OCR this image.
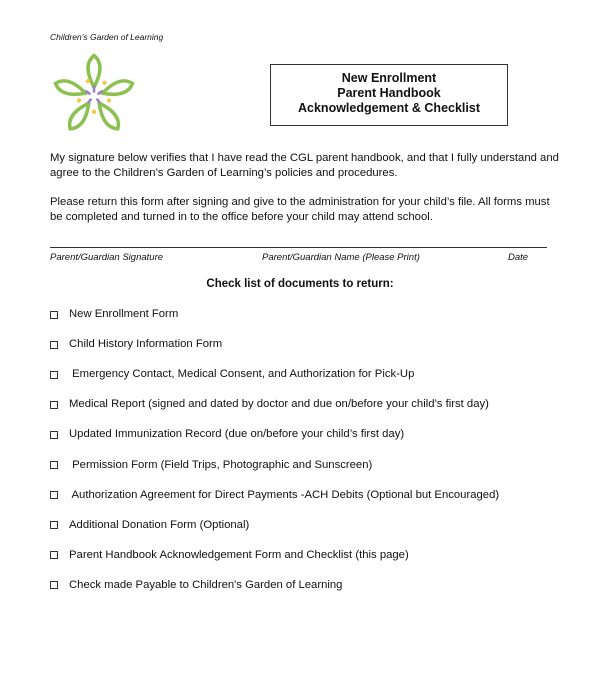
Children’s Garden of Learning
New Enrollment
Parent Handbook
Acknowledgement & Checklist
My signature below verifies that I have read the CGL parent handbook, and that I fully understand and agree to the Children’s Garden of Learning’s policies and procedures.
Please return this form after signing and give to the administration for your child’s file. All forms must be completed and turned in to the office before your child may attend school.
Parent/Guardian Signature	Parent/Guardian Name (Please Print)	Date
Check list of documents to return:
New Enrollment Form
Child History Information Form
Emergency Contact, Medical Consent, and Authorization for Pick-Up
Medical Report (signed and dated by doctor and due on/before your child’s first day)
Updated Immunization Record (due on/before your child’s first day)
Permission Form (Field Trips, Photographic and Sunscreen)
Authorization Agreement for Direct Payments -ACH Debits (Optional but Encouraged)
Additional Donation Form (Optional)
Parent Handbook Acknowledgement Form and Checklist (this page)
Check made Payable to Children's Garden of Learning
